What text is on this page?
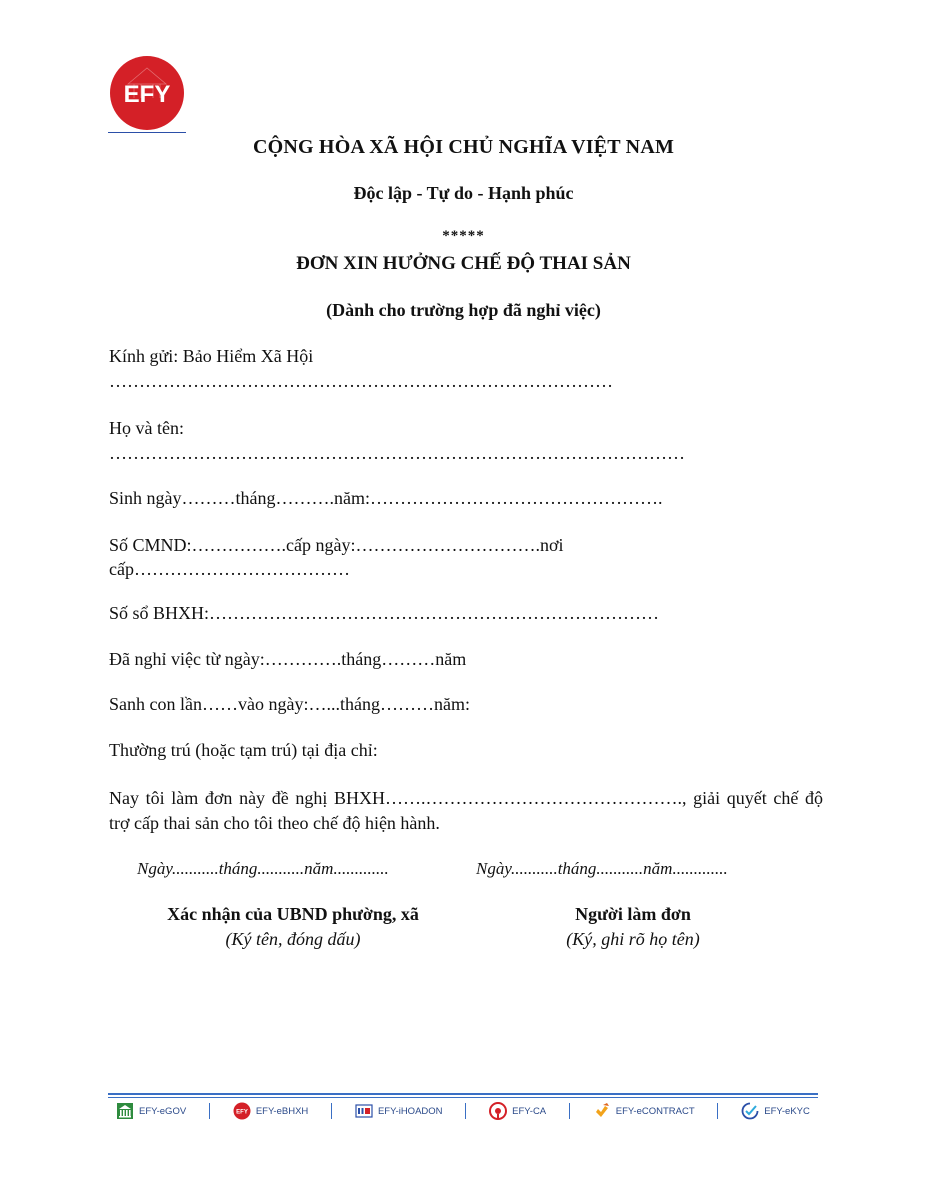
EFY
CỘNG HÒA XÃ HỘI CHỦ NGHĨA VIỆT NAM
Độc lập - Tự do - Hạnh phúc
*****
ĐƠN XIN HƯỞNG CHẾ ĐỘ THAI SẢN
(Dành cho trường hợp đã nghỉ việc)
Kính gửi: Bảo Hiểm Xã Hội
…………………………………………………………………………
Họ và tên:
……………………………………………………………………………………
Sinh ngày………tháng……….năm:………………………………………….
Số CMND:…………….cấp ngày:………………………….nơi
cấp………………………………
Số sổ BHXH:…………………………………………………………………
Đã nghỉ việc từ ngày:………….tháng………năm
Sanh con lần……vào ngày:…...tháng………năm:
Thường trú (hoặc tạm trú) tại địa chỉ:
Nay tôi làm đơn này đề nghị BHXH…….……………………………………., giải quyết chế độ trợ cấp thai sản cho tôi theo chế độ hiện hành.
Ngày...........tháng...........năm.............	Ngày...........tháng...........năm.............
Xác nhận của UBND phường, xã
(Ký tên, đóng dấu)
Người làm đơn
(Ký, ghi rõ họ tên)
EFY-eGOV	EFY EFY-eBHXH	EFY-iHOADON	EFY-CA	EFY-eCONTRACT	EFY-eKYC
